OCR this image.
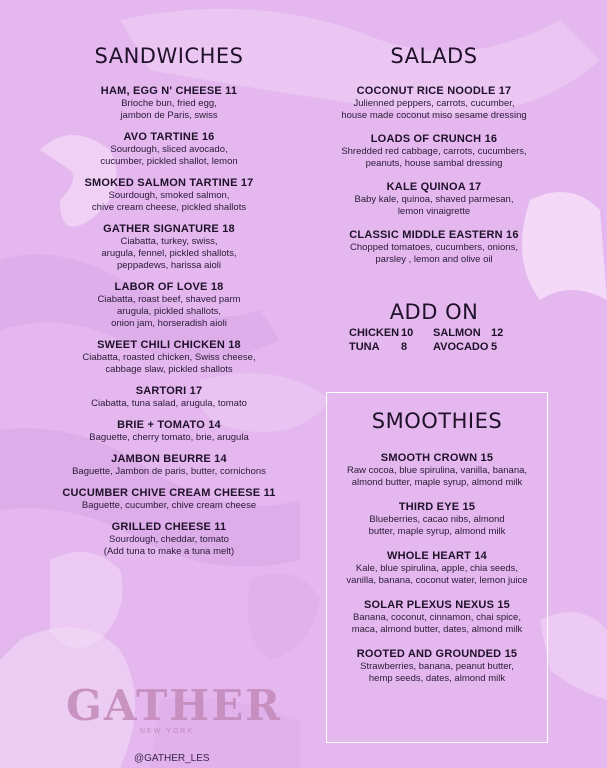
SANDWICHES
HAM, EGG N' CHEESE 11
Brioche bun, fried egg,
jambon de Paris, swiss
AVO TARTINE 16
Sourdough, sliced avocado,
cucumber, pickled shallot, lemon
SMOKED SALMON TARTINE 17
Sourdough, smoked salmon,
chive cream cheese, pickled shallots
GATHER SIGNATURE 18
Ciabatta, turkey, swiss,
arugula, fennel, pickled shallots,
peppadews, harissa aioli
LABOR OF LOVE 18
Ciabatta, roast beef, shaved parm
arugula, pickled shallots,
onion jam, horseradish aioli
SWEET CHILI CHICKEN 18
Ciabatta, roasted chicken, Swiss cheese,
cabbage slaw, pickled shallots
SARTORI 17
Ciabatta, tuna salad, arugula, tomato
BRIE + TOMATO 14
Baguette, cherry tomato, brie, arugula
JAMBON BEURRE 14
Baguette, Jambon de paris, butter, cornichons
CUCUMBER CHIVE CREAM CHEESE 11
Baguette, cucumber, chive cream cheese
GRILLED CHEESE 11
Sourdough, cheddar, tomato
(Add tuna to make a tuna melt)
SALADS
COCONUT RICE NOODLE 17
Julienned peppers, carrots, cucumber,
house made coconut miso sesame dressing
LOADS OF CRUNCH 16
Shredded red cabbage, carrots, cucumbers,
peanuts, house sambal dressing
KALE QUINOA 17
Baby kale, quinoa, shaved parmesan,
lemon vinaigrette
CLASSIC MIDDLE EASTERN 16
Chopped tomatoes, cucumbers, onions,
parsley , lemon and olive oil
ADD ON
CHICKEN 10	SALMON 12
TUNA	8	AVOCADO 5
SMOOTHIES
SMOOTH CROWN 15
Raw cocoa, blue spirulina, vanilla, banana,
almond butter, maple syrup, almond milk
THIRD EYE 15
Blueberries, cacao nibs, almond
butter, maple syrup, almond milk
WHOLE HEART 14
Kale, blue spirulina, apple, chia seeds,
vanilla, banana, coconut water, lemon juice
SOLAR PLEXUS NEXUS 15
Banana, coconut, cinnamon, chai spice,
maca, almond butter, dates, almond milk
ROOTED AND GROUNDED 15
Strawberries, banana, peanut butter,
hemp seeds, dates, almond milk
GATHER
NEW YORK
@GATHER_LES
